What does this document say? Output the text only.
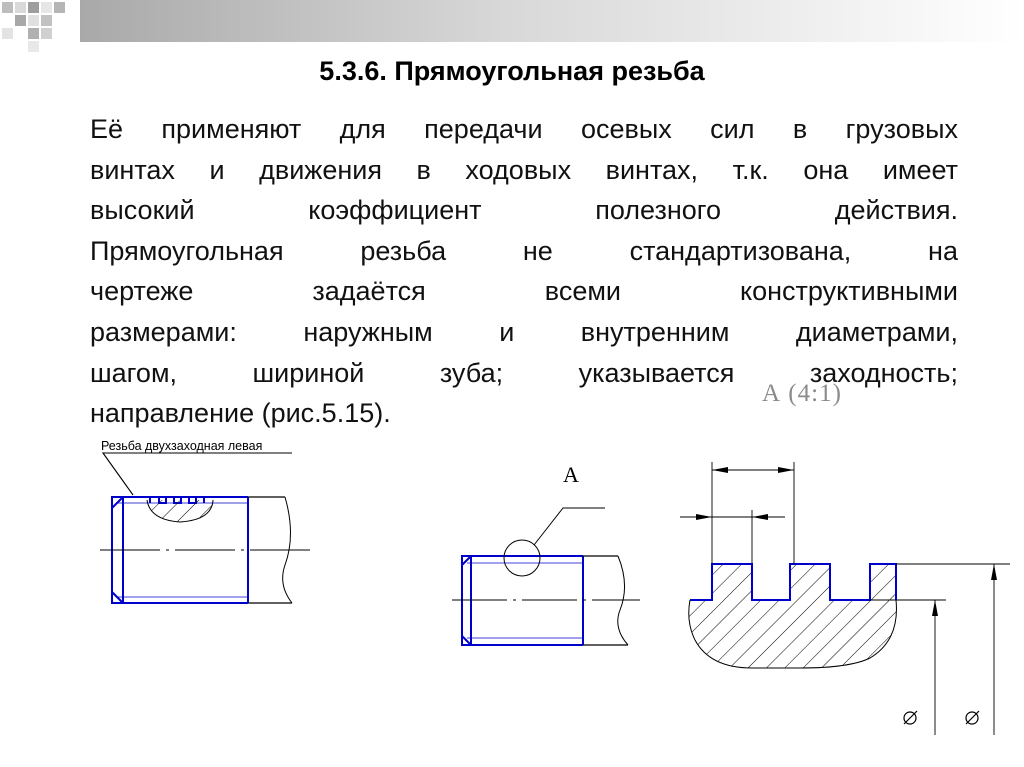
5.3.6. Прямоугольная резьба
Её применяют для передачи осевых сил в грузовых
винтах и движения в ходовых винтах, т.к. она имеет
высокий коэффициент полезного действия.
Прямоугольная резьба не стандартизована, на
чертеже задаётся всеми конструктивными
размерами: наружным и внутренним диаметрами,
шагом, шириной зуба; указывается заходность;
направление (рис.5.15).
Резьба двухзаходная левая
А
А (4:1)
